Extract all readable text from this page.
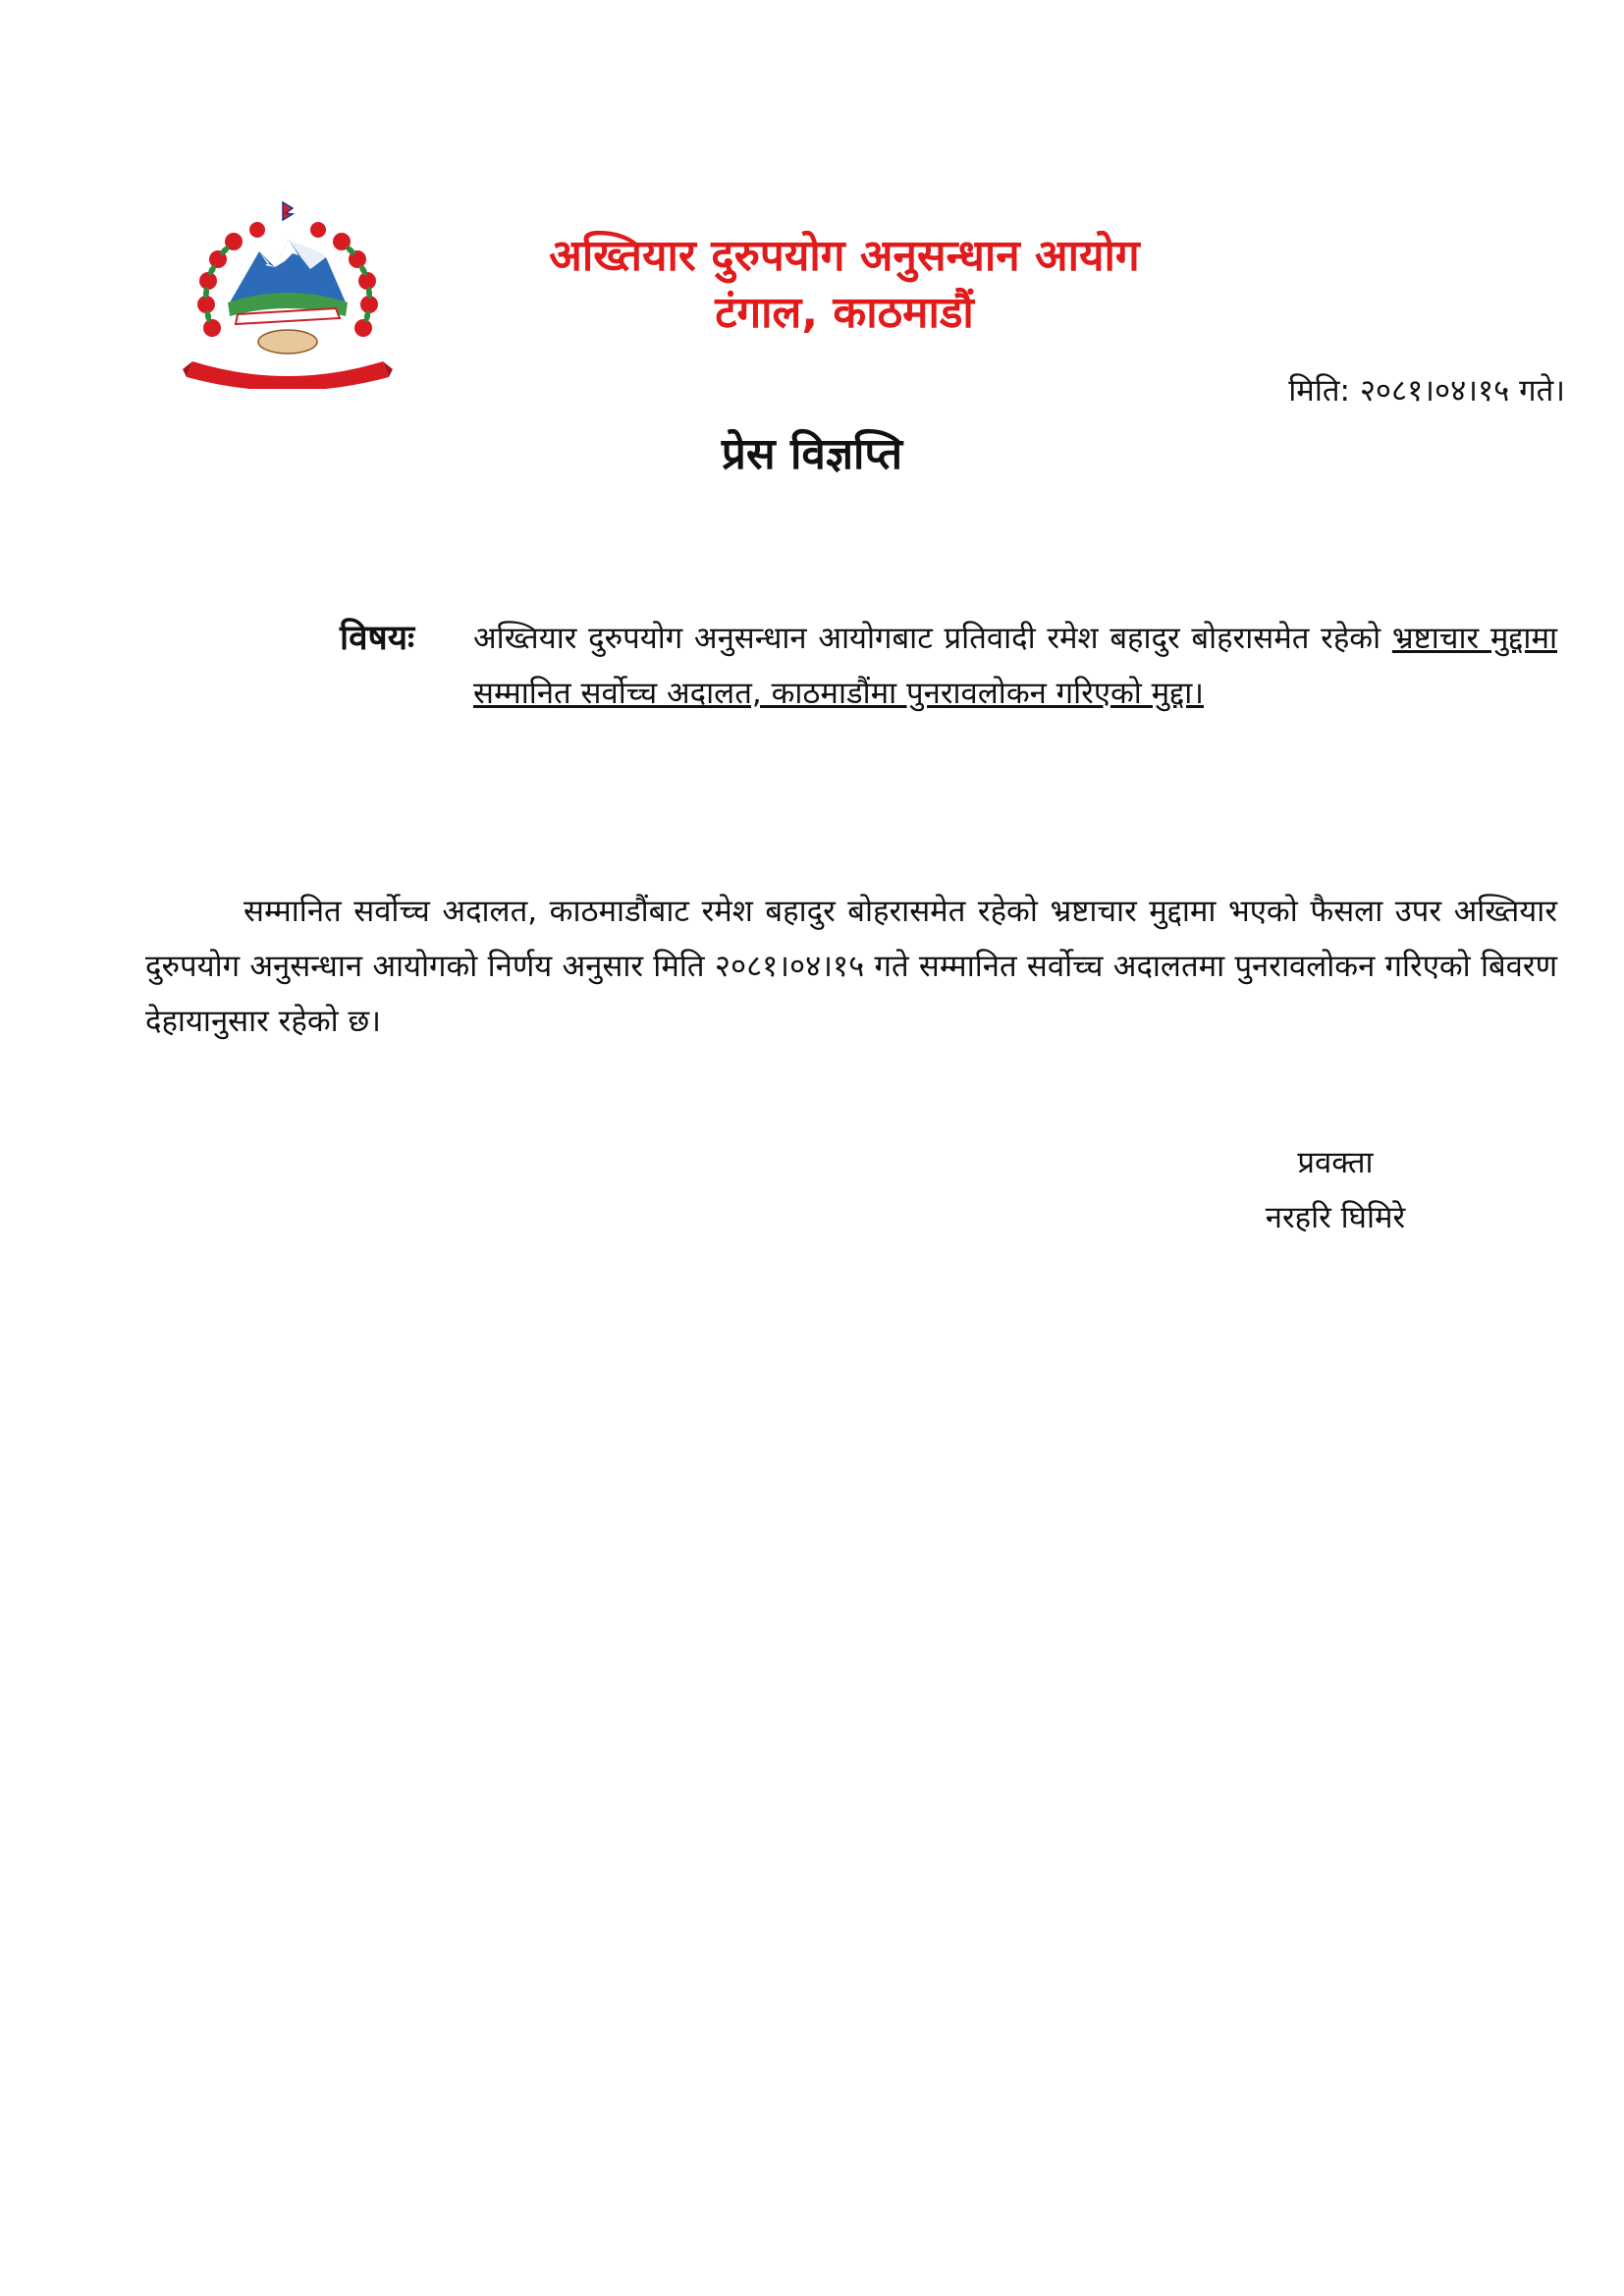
अख्तियार दुरुपयोग अनुसन्धान आयोग
टंगाल, काठमाडौं
मिति: २०८१।०४।१५ गते।
प्रेस विज्ञप्ति
विषयः अख्तियार दुरुपयोग अनुसन्धान आयोगबाट प्रतिवादी रमेश बहादुर बोहरासमेत रहेको भ्रष्टाचार मुद्दामा सम्मानित सर्वोच्च अदालत, काठमाडौंमा पुनरावलोकन गरिएको मुद्दा।

सम्मानित सर्वोच्च अदालत, काठमाडौंबाट रमेश बहादुर बोहरासमेत रहेको भ्रष्टाचार मुद्दामा भएको फैसला उपर अख्तियार दुरुपयोग अनुसन्धान आयोगको निर्णय अनुसार मिति २०८१।०४।१५ गते सम्मानित सर्वोच्च अदालतमा पुनरावलोकन गरिएको बिवरण देहायानुसार रहेको छ।

प्रवक्ता
नरहरि घिमिरे
